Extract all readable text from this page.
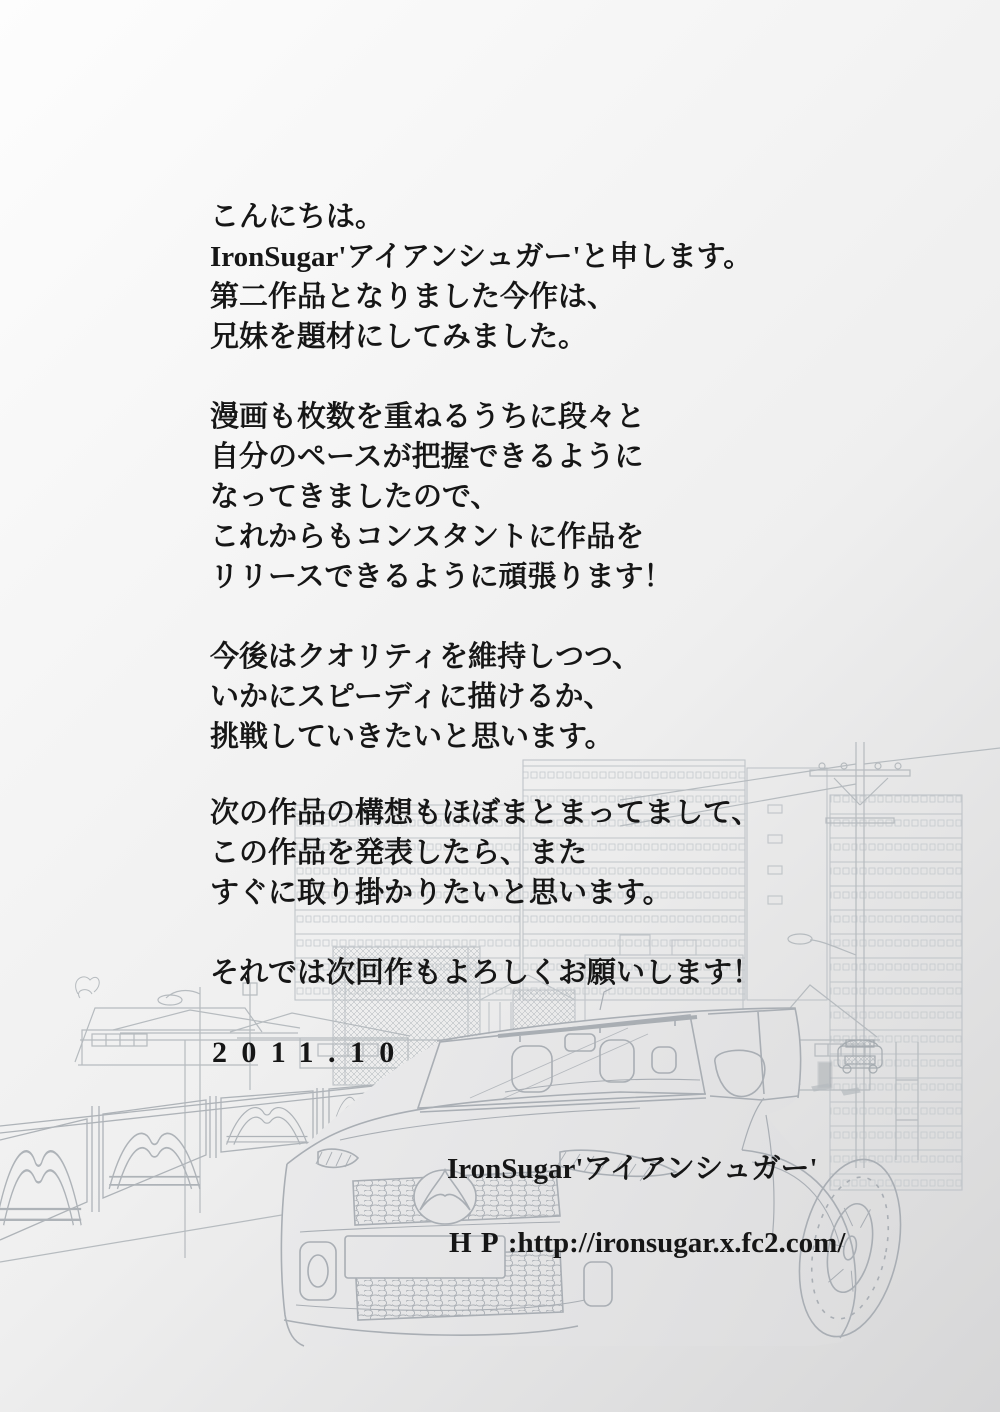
こんにちは。
IronSugar'アイアンシュガー'と申します。
第二作品となりました今作は、
兄妹を題材にしてみました。
漫画も枚数を重ねるうちに段々と
自分のペースが把握できるように
なってきましたので、
これからもコンスタントに作品を
リリースできるように頑張ります！
今後はクオリティを維持しつつ、
いかにスピーディに描けるか、
挑戦していきたいと思います。
次の作品の構想もほぼまとまってまして、
この作品を発表したら、また
すぐに取り掛かりたいと思います。
それでは次回作もよろしくお願いします！
2011.10
IronSugar'アイアンシュガー'
HP:http://ironsugar.x.fc2.com/
